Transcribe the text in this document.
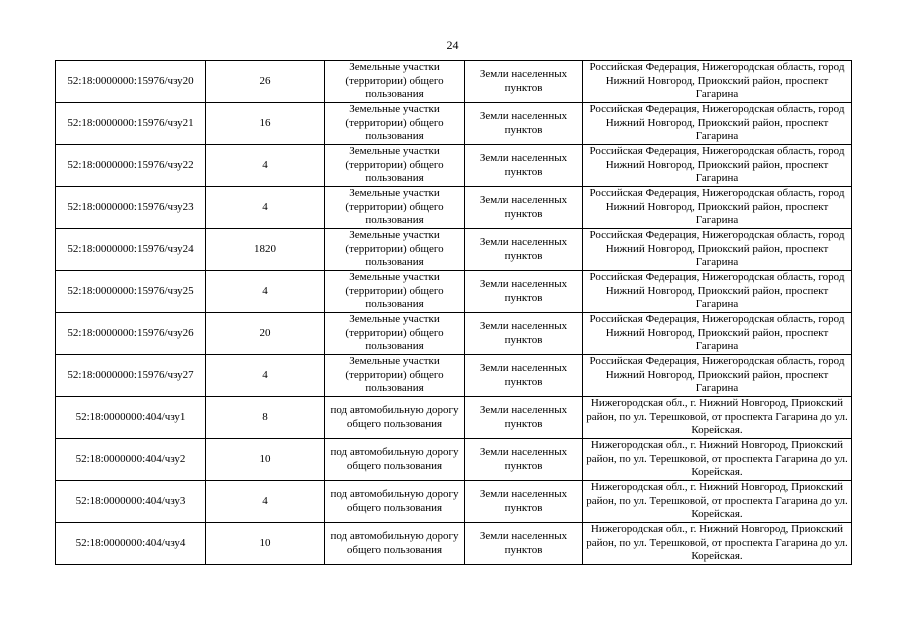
24
52:18:0000000:15976/чзу20	26	Земельные участки (территории) общего пользования	Земли населенных пунктов	Российская Федерация, Нижегородская область, город Нижний Новгород, Приокский район, проспект Гагарина
52:18:0000000:15976/чзу21	16	Земельные участки (территории) общего пользования	Земли населенных пунктов	Российская Федерация, Нижегородская область, город Нижний Новгород, Приокский район, проспект Гагарина
52:18:0000000:15976/чзу22	4	Земельные участки (территории) общего пользования	Земли населенных пунктов	Российская Федерация, Нижегородская область, город Нижний Новгород, Приокский район, проспект Гагарина
52:18:0000000:15976/чзу23	4	Земельные участки (территории) общего пользования	Земли населенных пунктов	Российская Федерация, Нижегородская область, город Нижний Новгород, Приокский район, проспект Гагарина
52:18:0000000:15976/чзу24	1820	Земельные участки (территории) общего пользования	Земли населенных пунктов	Российская Федерация, Нижегородская область, город Нижний Новгород, Приокский район, проспект Гагарина
52:18:0000000:15976/чзу25	4	Земельные участки (территории) общего пользования	Земли населенных пунктов	Российская Федерация, Нижегородская область, город Нижний Новгород, Приокский район, проспект Гагарина
52:18:0000000:15976/чзу26	20	Земельные участки (территории) общего пользования	Земли населенных пунктов	Российская Федерация, Нижегородская область, город Нижний Новгород, Приокский район, проспект Гагарина
52:18:0000000:15976/чзу27	4	Земельные участки (территории) общего пользования	Земли населенных пунктов	Российская Федерация, Нижегородская область, город Нижний Новгород, Приокский район, проспект Гагарина
52:18:0000000:404/чзу1	8	под автомобильную дорогу общего пользования	Земли населенных пунктов	Нижегородская обл., г. Нижний Новгород, Приокский район, по ул. Терешковой, от проспекта Гагарина до ул. Корейская.
52:18:0000000:404/чзу2	10	под автомобильную дорогу общего пользования	Земли населенных пунктов	Нижегородская обл., г. Нижний Новгород, Приокский район, по ул. Терешковой, от проспекта Гагарина до ул. Корейская.
52:18:0000000:404/чзу3	4	под автомобильную дорогу общего пользования	Земли населенных пунктов	Нижегородская обл., г. Нижний Новгород, Приокский район, по ул. Терешковой, от проспекта Гагарина до ул. Корейская.
52:18:0000000:404/чзу4	10	под автомобильную дорогу общего пользования	Земли населенных пунктов	Нижегородская обл., г. Нижний Новгород, Приокский район, по ул. Терешковой, от проспекта Гагарина до ул. Корейская.
